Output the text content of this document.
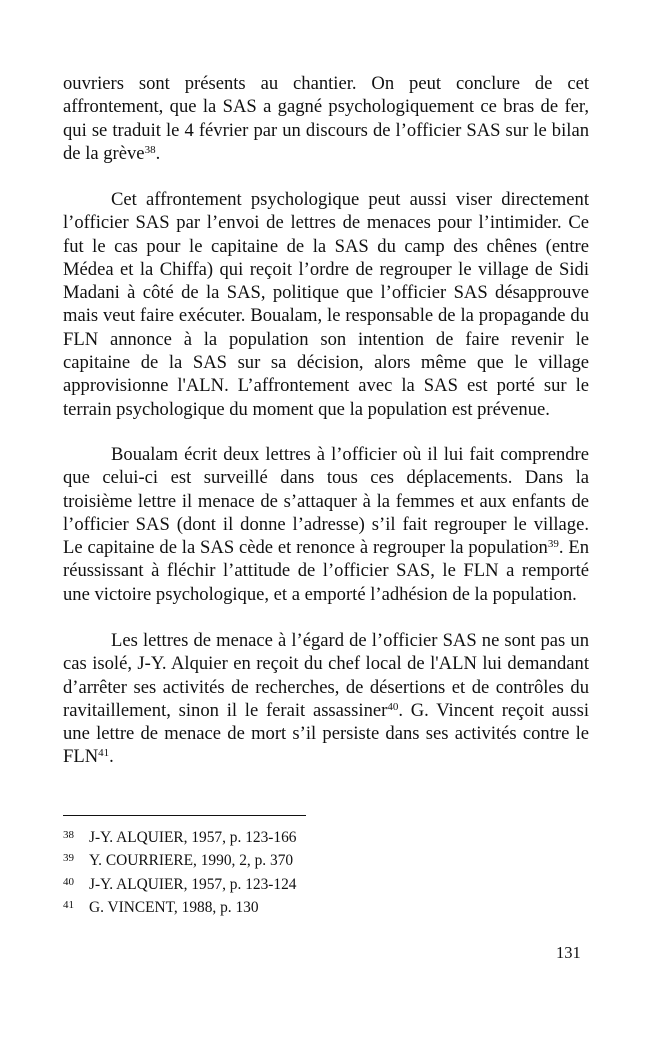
ouvriers sont présents au chantier. On peut conclure de cet affrontement, que la SAS a gagné psychologiquement ce bras de fer, qui se traduit le 4 février par un discours de l’officier SAS sur le bilan de la grève$^{38}$.

Cet affrontement psychologique peut aussi viser directement l’officier SAS par l’envoi de lettres de menaces pour l’intimider. Ce fut le cas pour le capitaine de la SAS du camp des chênes (entre Médea et la Chiffa) qui reçoit l’ordre de regrouper le village de Sidi Madani à côté de la SAS, politique que l’officier SAS désapprouve mais veut faire exécuter. Boualam, le responsable de la propagande du FLN annonce à la population son intention de faire revenir le capitaine de la SAS sur sa décision, alors même que le village approvisionne l'ALN. L’affrontement avec la SAS est porté sur le terrain psychologique du moment que la population est prévenue.

Boualam écrit deux lettres à l’officier où il lui fait comprendre que celui-ci est surveillé dans tous ces déplacements. Dans la troisième lettre il menace de s’attaquer à la femmes et aux enfants de l’officier SAS (dont il donne l’adresse) s’il fait regrouper le village. Le capitaine de la SAS cède et renonce à regrouper la population$^{39}$. En réussissant à fléchir l’attitude de l’officier SAS, le FLN a remporté une victoire psychologique, et a emporté l’adhésion de la population.

Les lettres de menace à l’égard de l’officier SAS ne sont pas un cas isolé, J-Y. Alquier en reçoit du chef local de l'ALN lui demandant d’arrêter ses activités de recherches, de désertions et de contrôles du ravitaillement, sinon il le ferait assassiner$^{40}$. G. Vincent reçoit aussi une lettre de menace de mort s’il persiste dans ses activités contre le FLN$^{41}$.

38 J-Y. ALQUIER, 1957, p. 123-166
39 Y. COURRIERE, 1990, 2, p. 370
40 J-Y. ALQUIER, 1957, p. 123-124
41 G. VINCENT, 1988, p. 130
131
